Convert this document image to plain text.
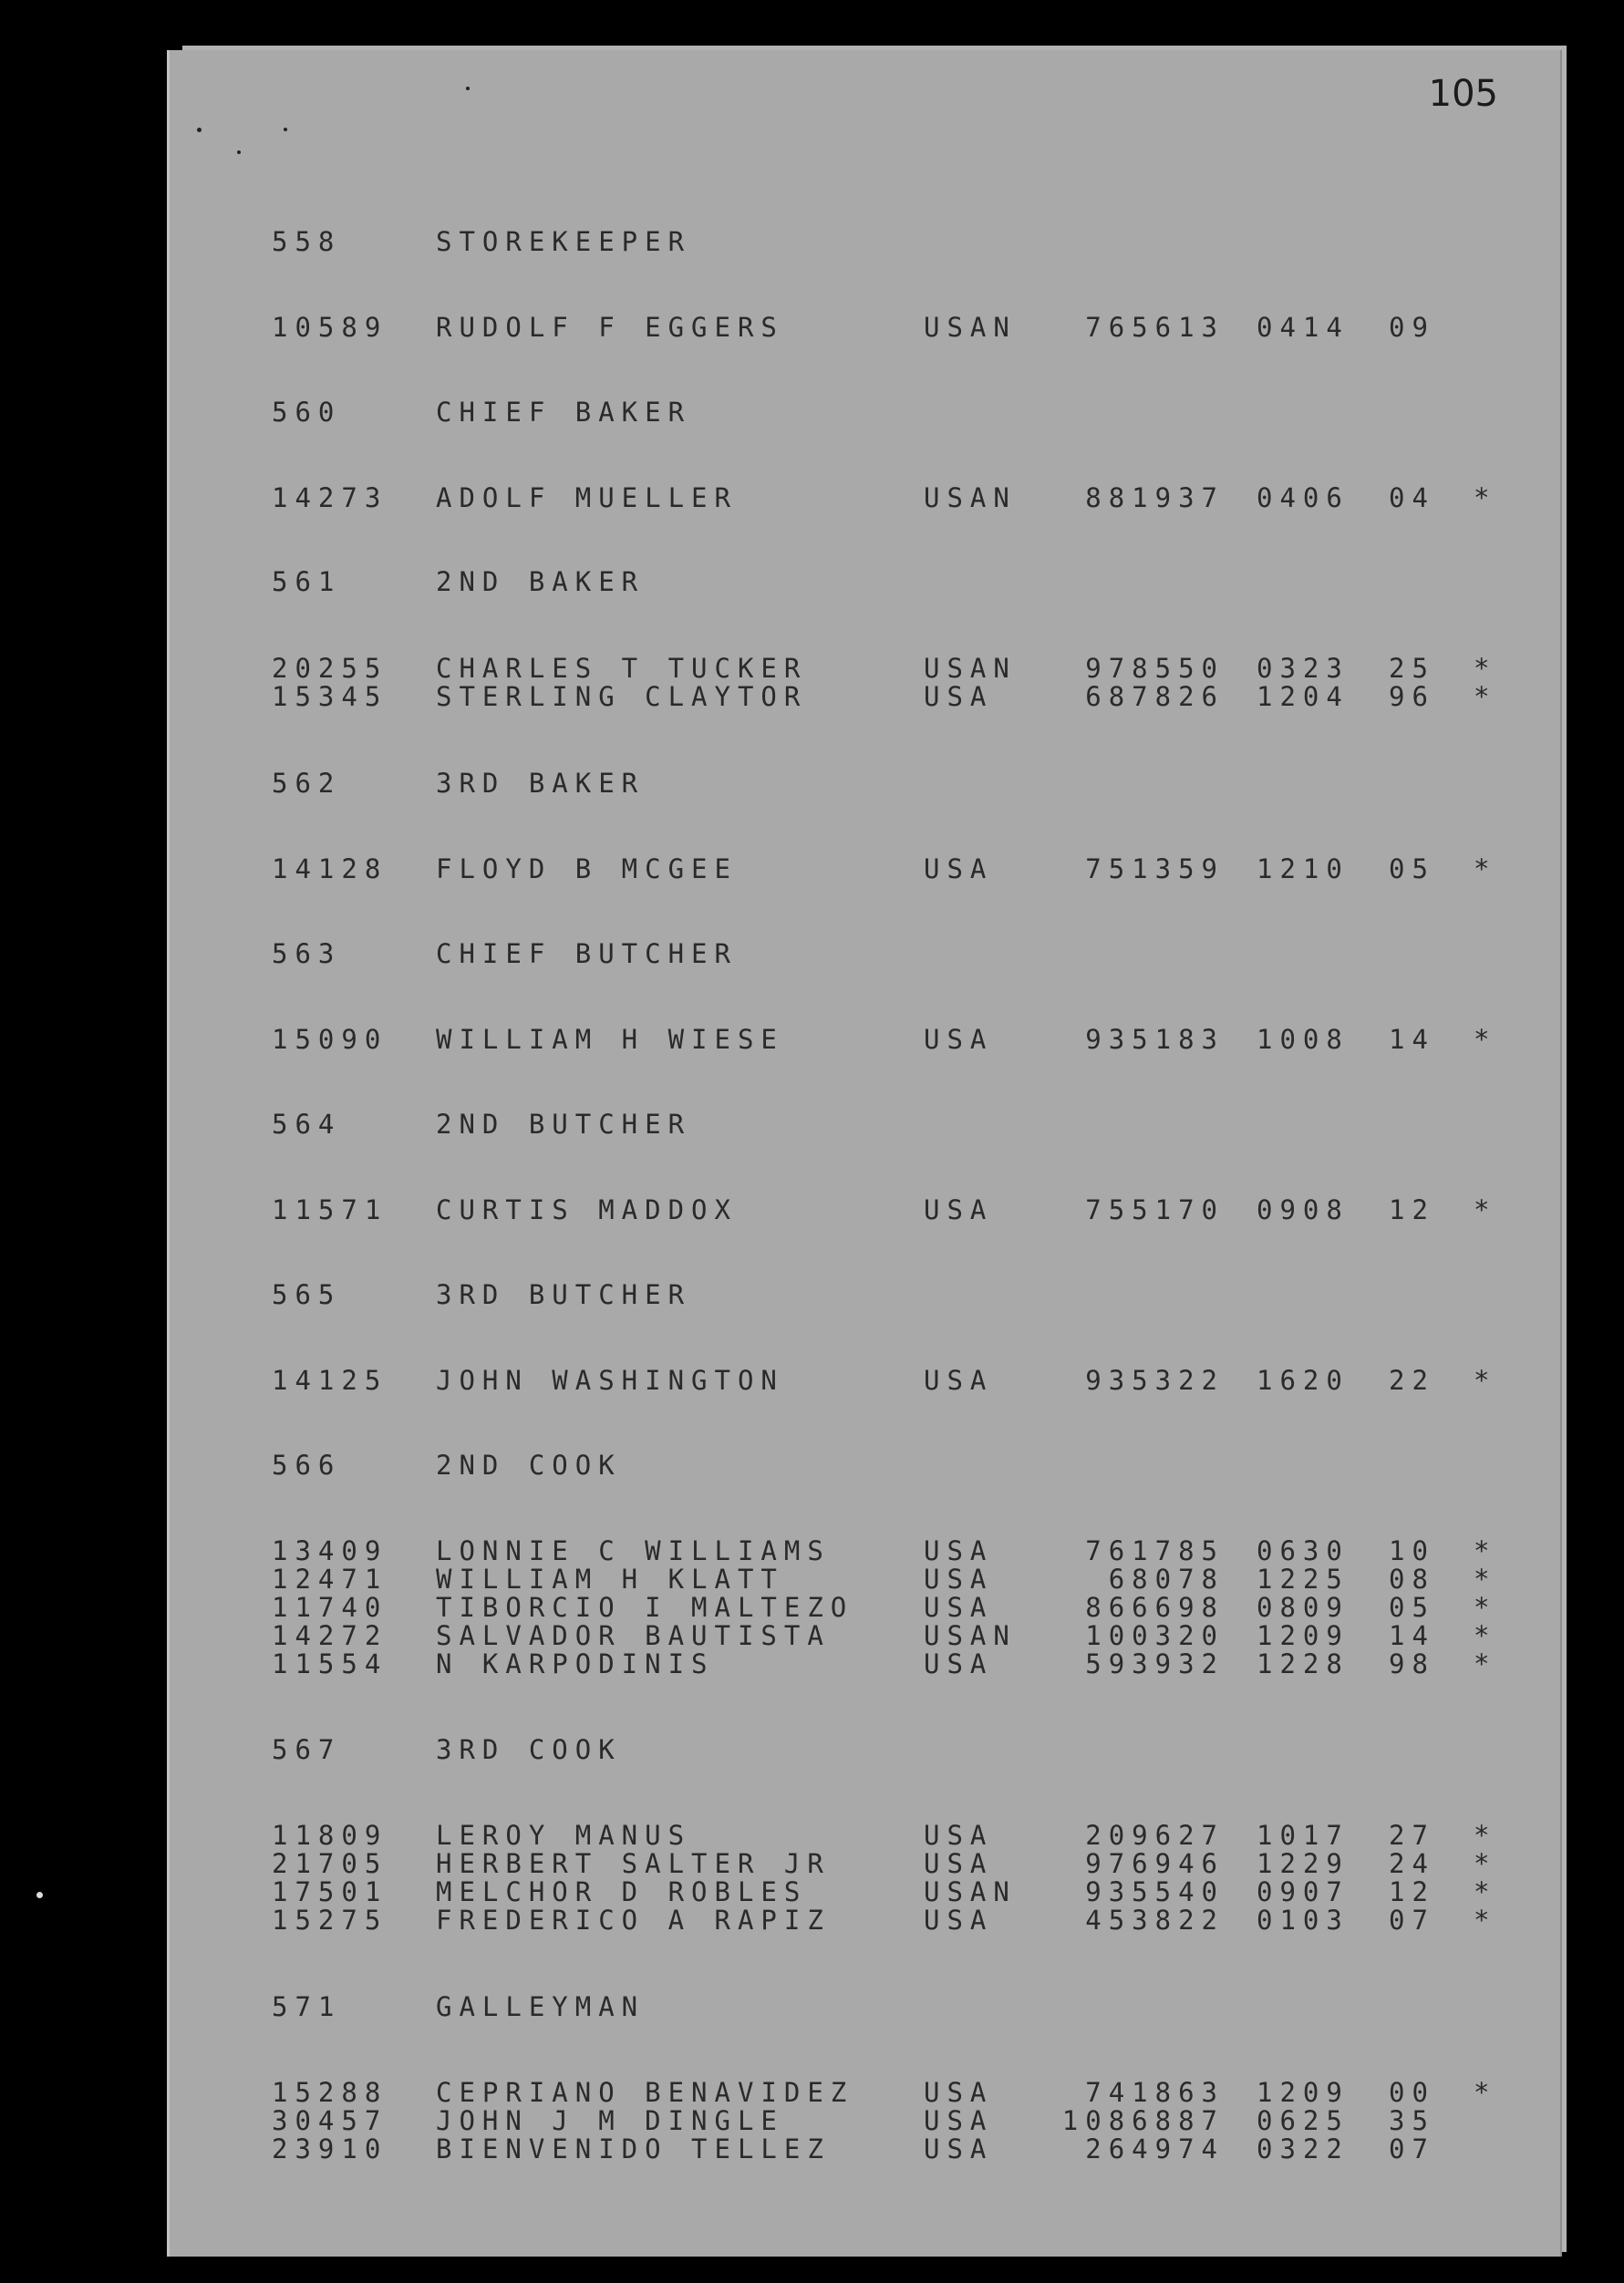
105
558	STOREKEEPER
10589 RUDOLF F EGGERS	USAN	765613 0414 09
560	CHIEF BAKER
14273 ADOLF MUELLER	USAN	881937 0406 04 *
561	2ND BAKER
20255 CHARLES T TUCKER	USAN	978550 0323 25 *
15345 STERLING CLAYTOR	USA	687826 1204 96 *
562	3RD BAKER
14128 FLOYD B MCGEE	USA	751359 1210 05 *
563	CHIEF BUTCHER
15090 WILLIAM H WIESE	USA	935183 1008 14 *
564	2ND BUTCHER
11571 CURTIS MADDOX	USA	755170 0908 12 *
565	3RD BUTCHER
14125 JOHN WASHINGTON	USA	935322 1620 22 *
566	2ND COOK
13409 LONNIE C WILLIAMS	USA	761785 0630 10 *
12471 WILLIAM H KLATT	USA	68078 1225 08 *
11740 TIBORCIO I MALTEZO	USA	866698 0809 05 *
14272 SALVADOR BAUTISTA	USAN	100320 1209 14 *
11554 N KARPODINIS	USA	593932 1228 98 *
567	3RD COOK
11809 LEROY MANUS	USA	209627 1017 27 *
21705 HERBERT SALTER JR	USA	976946 1229 24 *
17501 MELCHOR D ROBLES	USAN	935540 0907 12 *
15275 FREDERICO A RAPIZ	USA	453822 0103 07 *
571	GALLEYMAN
15288 CEPRIANO BENAVIDEZ	USA	741863 1209 00 *
30457 JOHN J M DINGLE	USA	1086887 0625 35
23910 BIENVENIDO TELLEZ	USA	264974 0322 07
